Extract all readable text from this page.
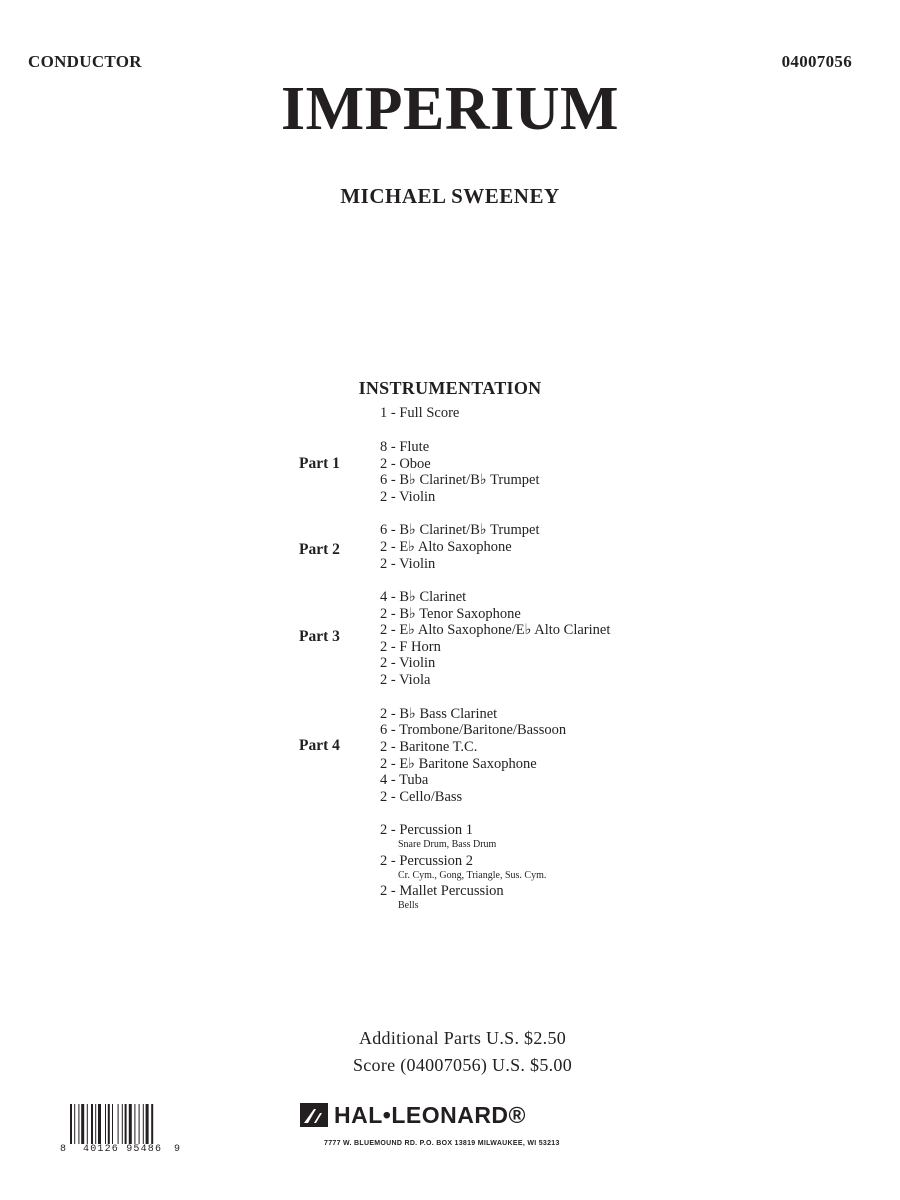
CONDUCTOR	04007056
IMPERIUM
MICHAEL SWEENEY
INSTRUMENTATION
1 - Full Score
Part 1
8 - Flute
2 - Oboe
6 - B♭ Clarinet/B♭ Trumpet
2 - Violin
Part 2
6 - B♭ Clarinet/B♭ Trumpet
2 - E♭ Alto Saxophone
2 - Violin
Part 3
4 - B♭ Clarinet
2 - B♭ Tenor Saxophone
2 - E♭ Alto Saxophone/E♭ Alto Clarinet
2 - F Horn
2 - Violin
2 - Viola
Part 4
2 - B♭ Bass Clarinet
6 - Trombone/Baritone/Bassoon
2 - Baritone T.C.
2 - E♭ Baritone Saxophone
4 - Tuba
2 - Cello/Bass
2 - Percussion 1
Snare Drum, Bass Drum
2 - Percussion 2
Cr. Cym., Gong, Triangle, Sus. Cym.
2 - Mallet Percussion
Bells
Additional Parts U.S. $2.50
Score (04007056) U.S. $5.00
8 40126 95486 9
HAL•LEONARD®
7777 W. BLUEMOUND RD. P.O. BOX 13819 MILWAUKEE, WI 53213
